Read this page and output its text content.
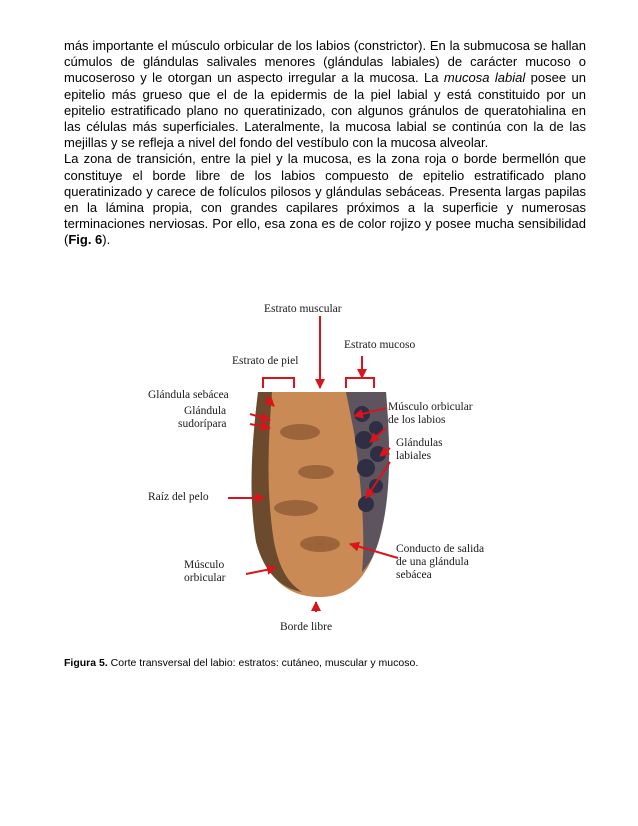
más importante el músculo orbicular de los labios (constrictor). En la submucosa se hallan cúmulos de glándulas salivales menores (glándulas labiales) de carácter mucoso o mucoseroso y le otorgan un aspecto irregular a la mucosa. La mucosa labial posee un epitelio más grueso que el de la epidermis de la piel labial y está constituido por un epitelio estratificado plano no queratinizado, con algunos gránulos de queratohialina en las células más superficiales. Lateralmente, la mucosa labial se continúa con la de las mejillas y se refleja a nivel del fondo del vestíbulo con la mucosa alveolar.

La zona de transición, entre la piel y la mucosa, es la zona roja o borde bermellón que constituye el borde libre de los labios compuesto de epitelio estratificado plano queratinizado y carece de folículos pilosos y glándulas sebáceas. Presenta largas papilas en la lámina propia, con grandes capilares próximos a la superficie y numerosas terminaciones nerviosas. Por ello, esa zona es de color rojizo y posee mucha sensibilidad (Fig. 6).

Estrato muscular
Estrato de piel
Estrato mucoso
Glándula sebácea
Glándula
sudorípara
Músculo orbicular
de los labios
Glándulas
labiales
Raíz del pelo
Conducto de salida
de una glándula
sebácea
Músculo
orbicular
Borde libre
Figura 5. Corte transversal del labio: estratos: cutáneo, muscular y mucoso.
